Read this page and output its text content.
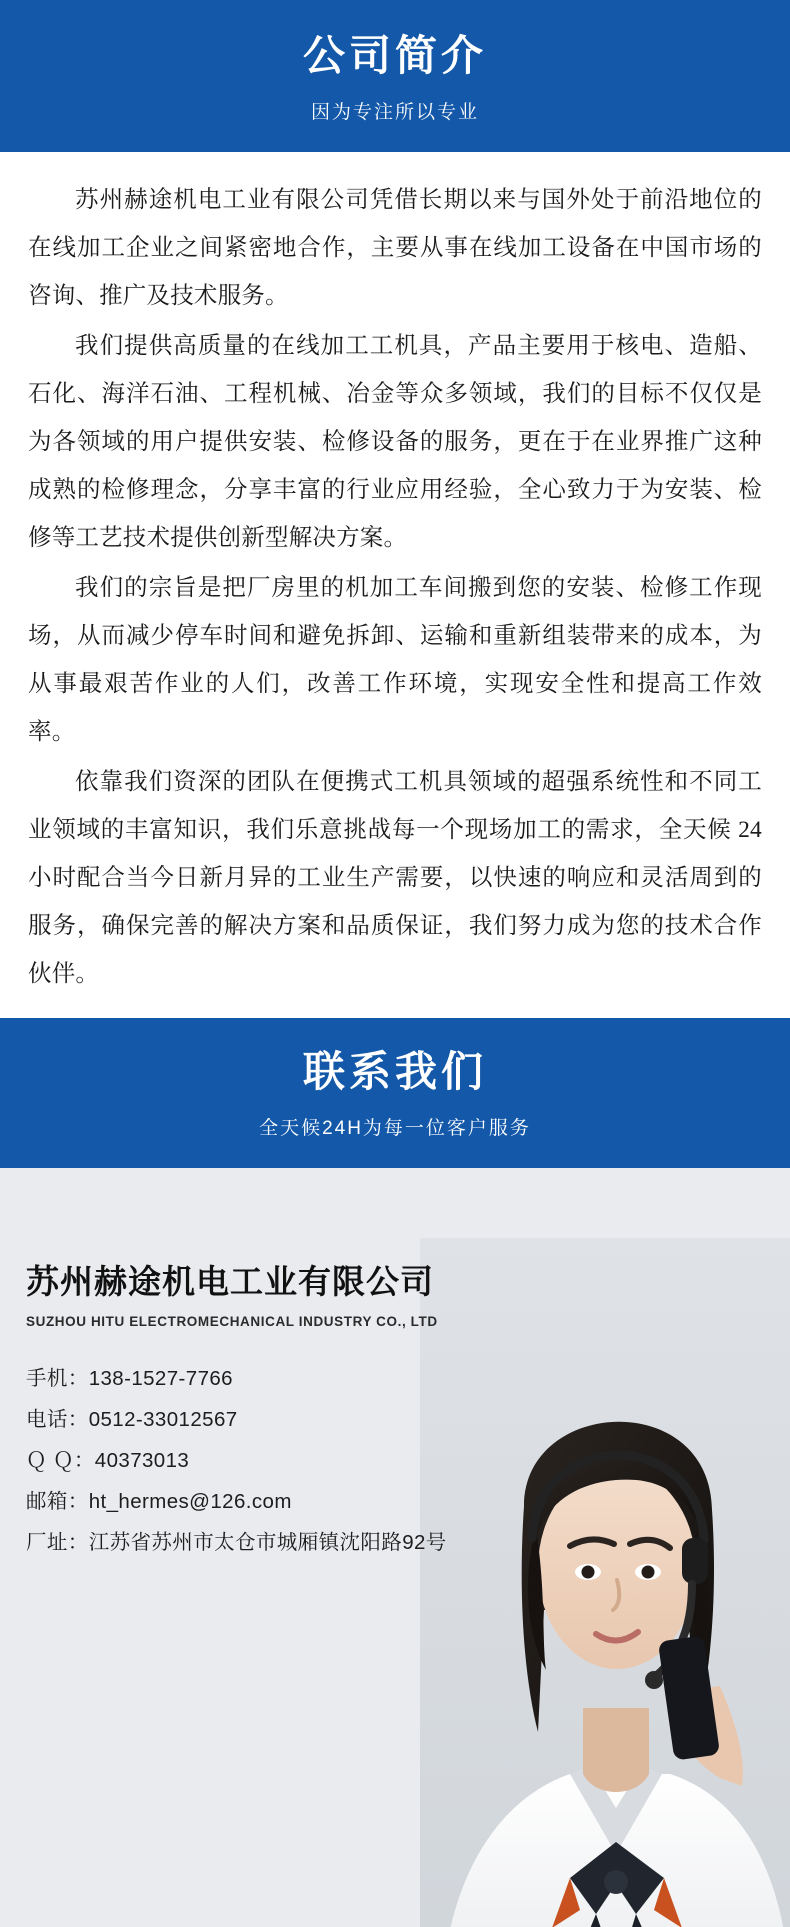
公司简介
因为专注所以专业

苏州赫途机电工业有限公司凭借长期以来与国外处于前沿地位的在线加工企业之间紧密地合作，主要从事在线加工设备在中国市场的咨询、推广及技术服务。

我们提供高质量的在线加工工机具，产品主要用于核电、造船、石化、海洋石油、工程机械、冶金等众多领域，我们的目标不仅仅是为各领域的用户提供安装、检修设备的服务，更在于在业界推广这种成熟的检修理念，分享丰富的行业应用经验，全心致力于为安装、检修等工艺技术提供创新型解决方案。

我们的宗旨是把厂房里的机加工车间搬到您的安装、检修工作现场，从而减少停车时间和避免拆卸、运输和重新组装带来的成本，为从事最艰苦作业的人们，改善工作环境，实现安全性和提高工作效率。

依靠我们资深的团队在便携式工机具领域的超强系统性和不同工业领域的丰富知识，我们乐意挑战每一个现场加工的需求，全天候 24 小时配合当今日新月异的工业生产需要，以快速的响应和灵活周到的服务，确保完善的解决方案和品质保证，我们努力成为您的技术合作伙伴。

联系我们
全天候24H为每一位客户服务
苏州赫途机电工业有限公司
SUZHOU HITU ELECTROMECHANICAL INDUSTRY CO., LTD
手机：138-1527-7766
电话：0512-33012567
Ｑ Ｑ：40373013
邮箱：ht_hermes@126.com
厂址：江苏省苏州市太仓市城厢镇沈阳路92号
